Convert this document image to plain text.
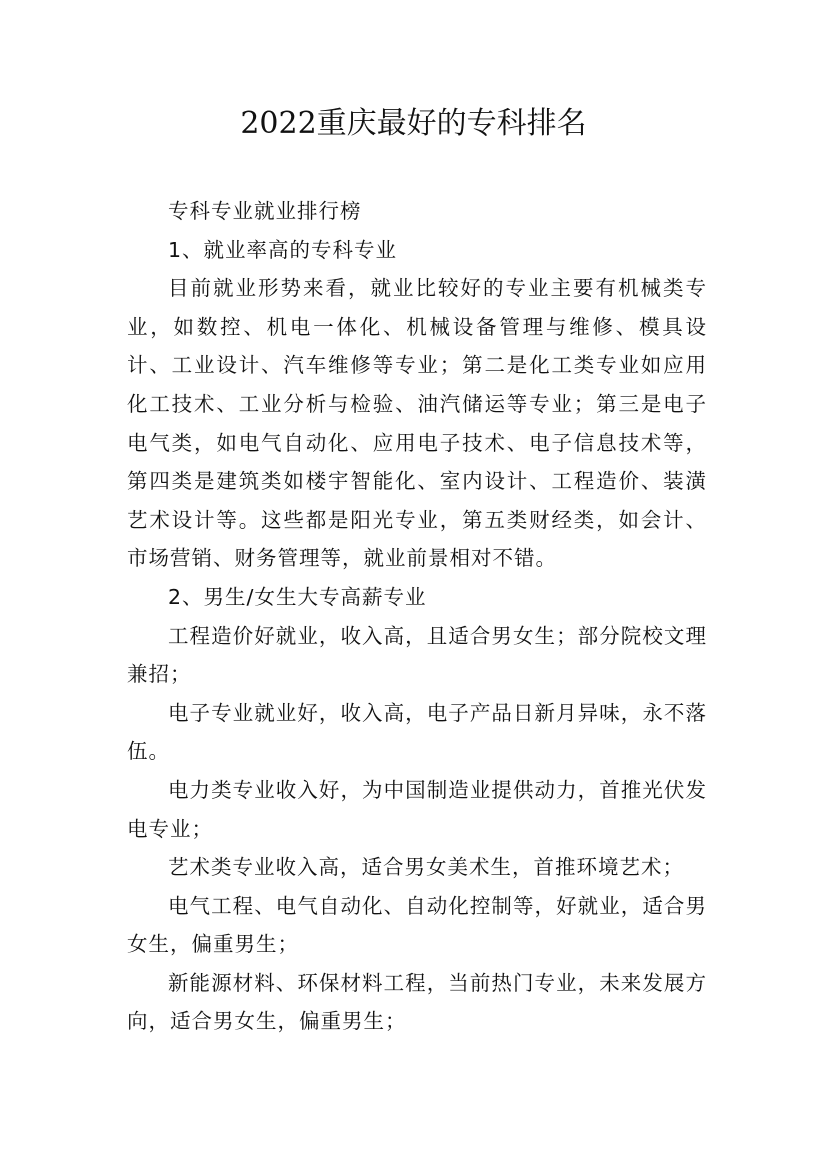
2022重庆最好的专科排名

专科专业就业排行榜

1、就业率高的专科专业

目前就业形势来看，就业比较好的专业主要有机械类专业，如数控、机电一体化、机械设备管理与维修、模具设计、工业设计、汽车维修等专业；第二是化工类专业如应用化工技术、工业分析与检验、油汽储运等专业；第三是电子电气类，如电气自动化、应用电子技术、电子信息技术等，第四类是建筑类如楼宇智能化、室内设计、工程造价、装潢艺术设计等。这些都是阳光专业，第五类财经类，如会计、市场营销、财务管理等，就业前景相对不错。

2、男生/女生大专高薪专业

工程造价好就业，收入高，且适合男女生；部分院校文理兼招；

电子专业就业好，收入高，电子产品日新月异味，永不落伍。

电力类专业收入好，为中国制造业提供动力，首推光伏发电专业；

艺术类专业收入高，适合男女美术生，首推环境艺术；

电气工程、电气自动化、自动化控制等，好就业，适合男女生，偏重男生；

新能源材料、环保材料工程，当前热门专业，未来发展方向，适合男女生，偏重男生；
